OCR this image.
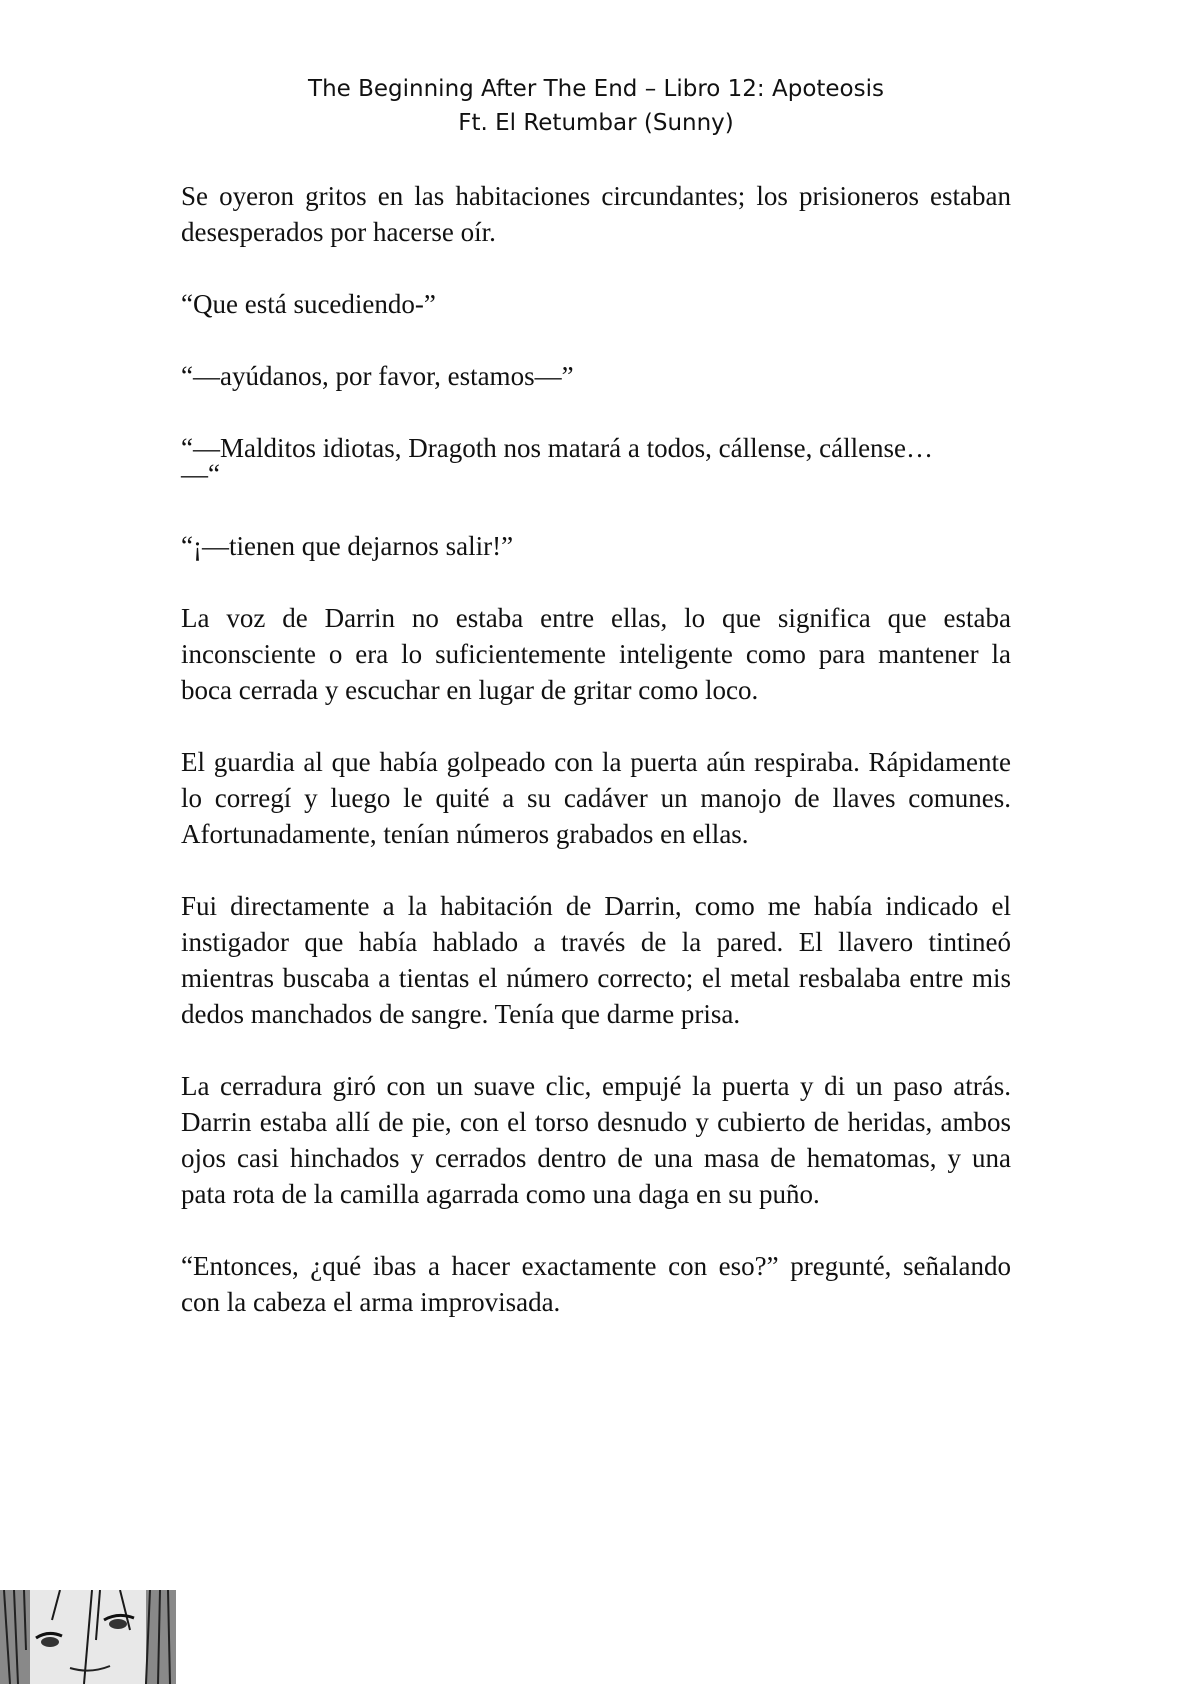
The Beginning After The End – Libro 12: Apoteosis
Ft. El Retumbar (Sunny)

Se oyeron gritos en las habitaciones circundantes; los prisioneros estaban desesperados por hacerse oír.

“Que está sucediendo-”

“—ayúdanos, por favor, estamos—”

“—Malditos idiotas, Dragoth nos matará a todos, cállense, cállense…

—“

“¡—tienen que dejarnos salir!”

La voz de Darrin no estaba entre ellas, lo que significa que estaba inconsciente o era lo suficientemente inteligente como para mantener la boca cerrada y escuchar en lugar de gritar como loco.

El guardia al que había golpeado con la puerta aún respiraba. Rápidamente lo corregí y luego le quité a su cadáver un manojo de llaves comunes. Afortunadamente, tenían números grabados en ellas.

Fui directamente a la habitación de Darrin, como me había indicado el instigador que había hablado a través de la pared. El llavero tintineó mientras buscaba a tientas el número correcto; el metal resbalaba entre mis dedos manchados de sangre. Tenía que darme prisa.

La cerradura giró con un suave clic, empujé la puerta y di un paso atrás. Darrin estaba allí de pie, con el torso desnudo y cubierto de heridas, ambos ojos casi hinchados y cerrados dentro de una masa de hematomas, y una pata rota de la camilla agarrada como una daga en su puño.

“Entonces, ¿qué ibas a hacer exactamente con eso?” pregunté, señalando con la cabeza el arma improvisada.
